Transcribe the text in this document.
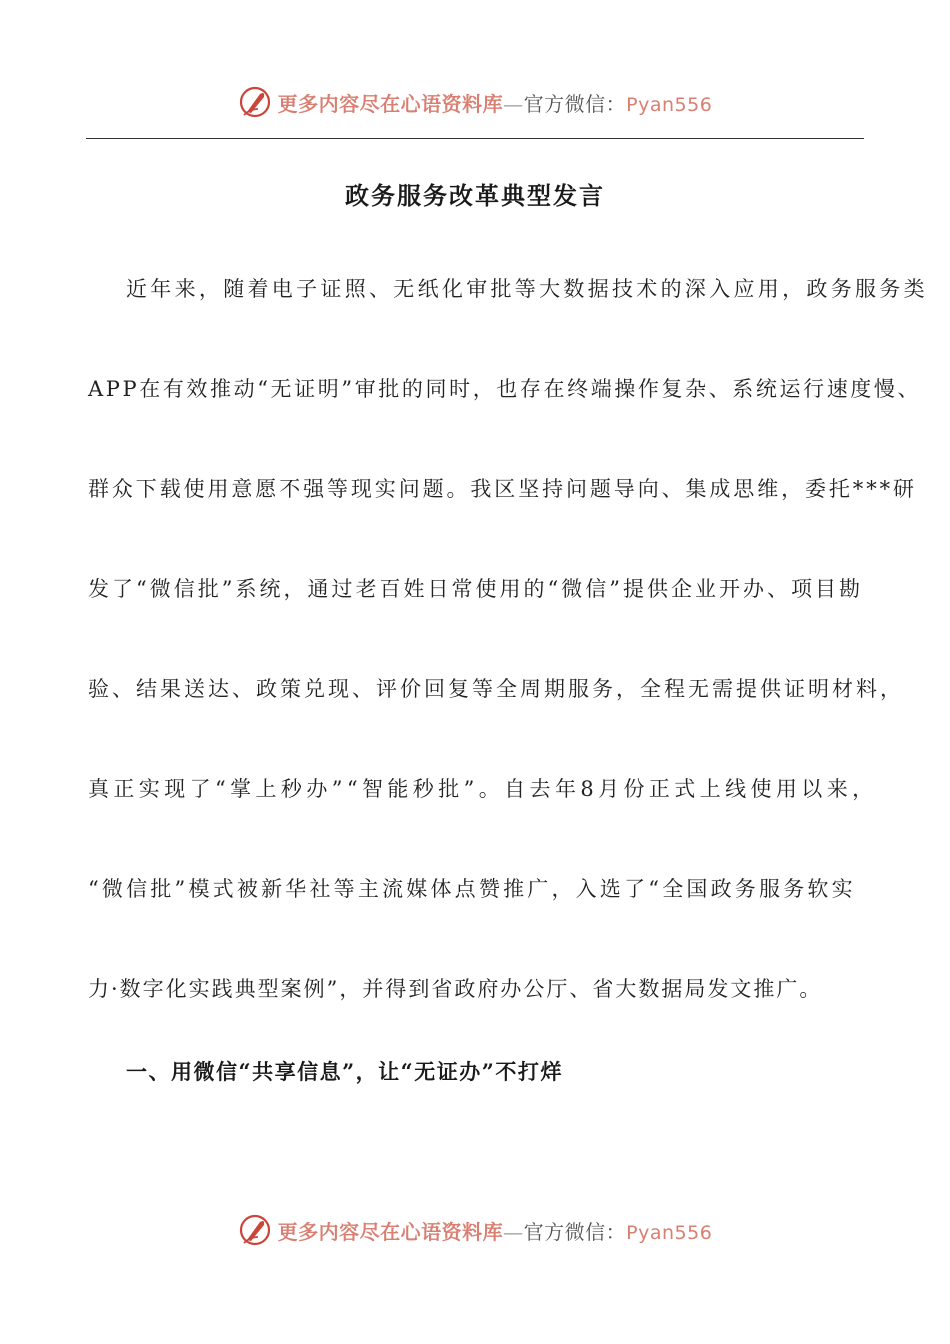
更多内容尽在心语资料库—官方微信：Pyan556
政务服务改革典型发言
近年来，随着电子证照、无纸化审批等大数据技术的深入应用，政务服务类
APP在有效推动“无证明”审批的同时，也存在终端操作复杂、系统运行速度慢、
群众下载使用意愿不强等现实问题。我区坚持问题导向、集成思维，委托***研
发了“微信批”系统，通过老百姓日常使用的“微信”提供企业开办、项目勘
验、结果送达、政策兑现、评价回复等全周期服务，全程无需提供证明材料，
真正实现了“掌上秒办”“智能秒批”。自去年8月份正式上线使用以来，
“微信批”模式被新华社等主流媒体点赞推广，入选了“全国政务服务软实
力·数字化实践典型案例”，并得到省政府办公厅、省大数据局发文推广。
一、用微信“共享信息”，让“无证办”不打烊
更多内容尽在心语资料库—官方微信：Pyan556
